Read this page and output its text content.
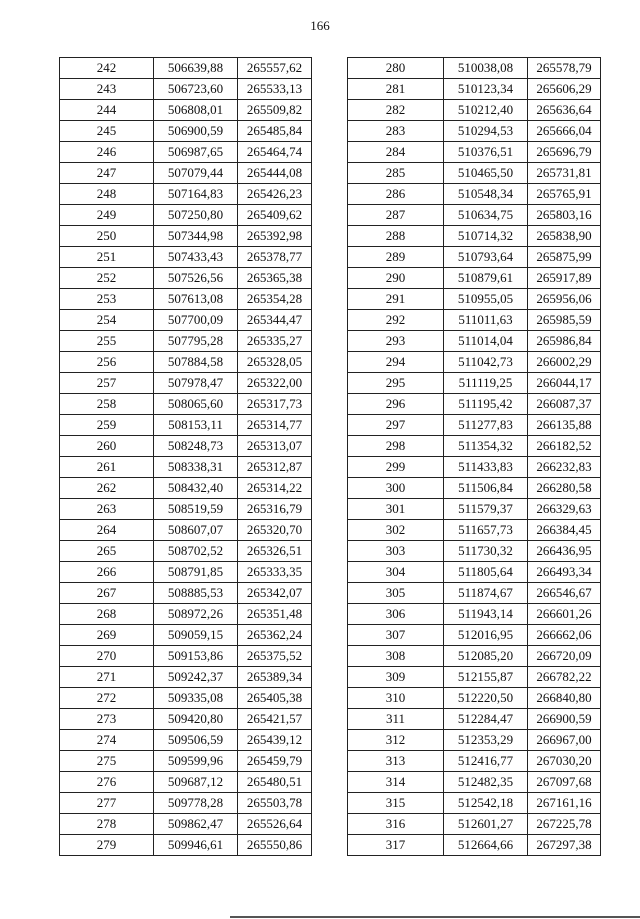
166
242	506639,88	265557,62
243	506723,60	265533,13
244	506808,01	265509,82
245	506900,59	265485,84
246	506987,65	265464,74
247	507079,44	265444,08
248	507164,83	265426,23
249	507250,80	265409,62
250	507344,98	265392,98
251	507433,43	265378,77
252	507526,56	265365,38
253	507613,08	265354,28
254	507700,09	265344,47
255	507795,28	265335,27
256	507884,58	265328,05
257	507978,47	265322,00
258	508065,60	265317,73
259	508153,11	265314,77
260	508248,73	265313,07
261	508338,31	265312,87
262	508432,40	265314,22
263	508519,59	265316,79
264	508607,07	265320,70
265	508702,52	265326,51
266	508791,85	265333,35
267	508885,53	265342,07
268	508972,26	265351,48
269	509059,15	265362,24
270	509153,86	265375,52
271	509242,37	265389,34
272	509335,08	265405,38
273	509420,80	265421,57
274	509506,59	265439,12
275	509599,96	265459,79
276	509687,12	265480,51
277	509778,28	265503,78
278	509862,47	265526,64
279	509946,61	265550,86
280	510038,08	265578,79
281	510123,34	265606,29
282	510212,40	265636,64
283	510294,53	265666,04
284	510376,51	265696,79
285	510465,50	265731,81
286	510548,34	265765,91
287	510634,75	265803,16
288	510714,32	265838,90
289	510793,64	265875,99
290	510879,61	265917,89
291	510955,05	265956,06
292	511011,63	265985,59
293	511014,04	265986,84
294	511042,73	266002,29
295	511119,25	266044,17
296	511195,42	266087,37
297	511277,83	266135,88
298	511354,32	266182,52
299	511433,83	266232,83
300	511506,84	266280,58
301	511579,37	266329,63
302	511657,73	266384,45
303	511730,32	266436,95
304	511805,64	266493,34
305	511874,67	266546,67
306	511943,14	266601,26
307	512016,95	266662,06
308	512085,20	266720,09
309	512155,87	266782,22
310	512220,50	266840,80
311	512284,47	266900,59
312	512353,29	266967,00
313	512416,77	267030,20
314	512482,35	267097,68
315	512542,18	267161,16
316	512601,27	267225,78
317	512664,66	267297,38
